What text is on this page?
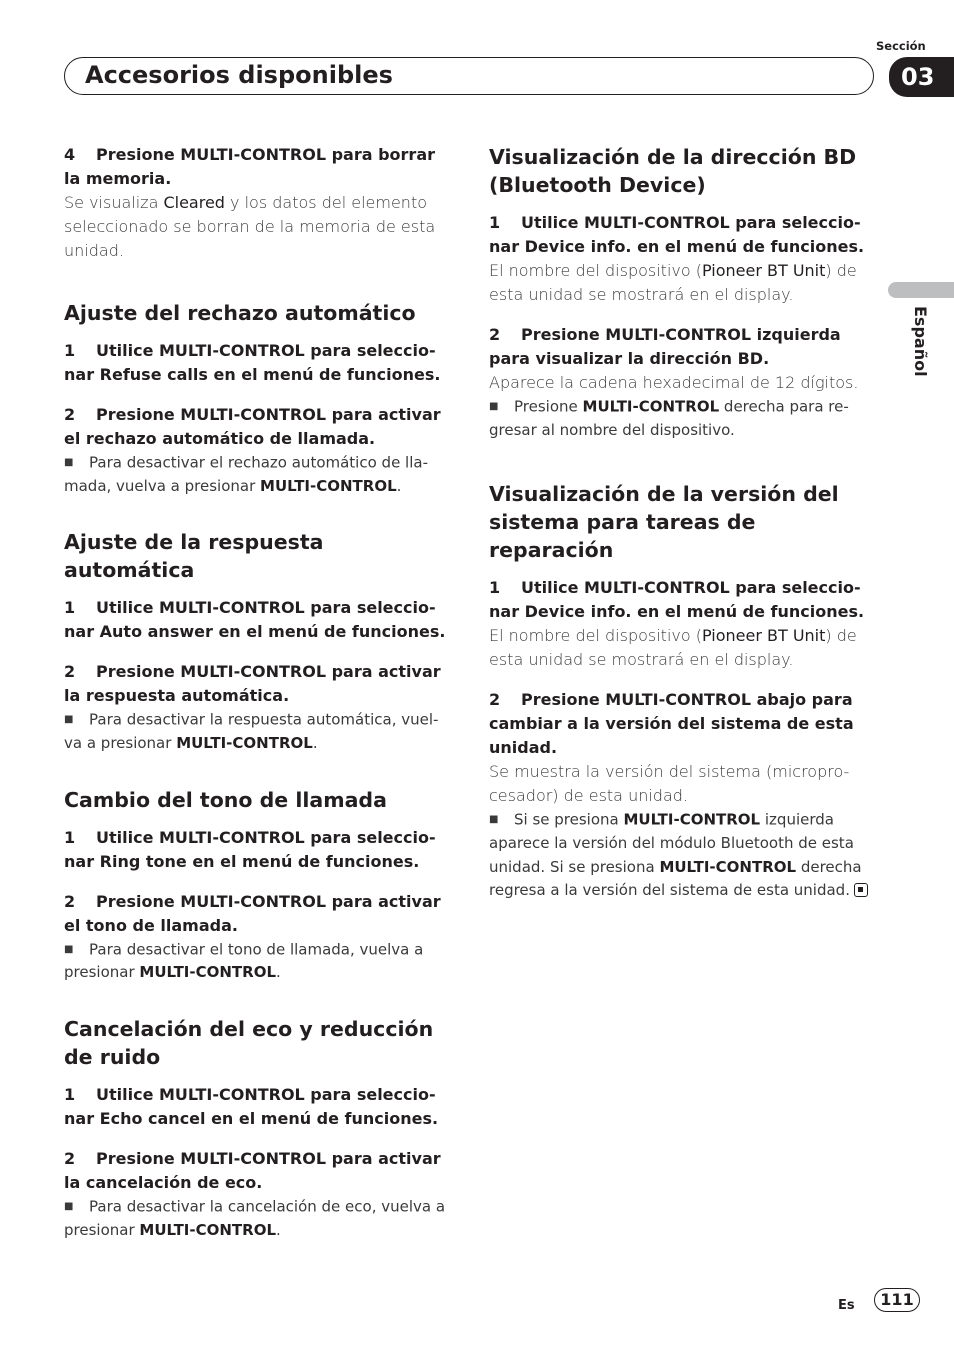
Accesorios disponibles
Sección
03
Español

4 Presione MULTI-CONTROL para borrar la memoria.

Se visualiza Cleared y los datos del elemento seleccionado se borran de la memoria de esta unidad.

Ajuste del rechazo automático

1 Utilice MULTI-CONTROL para seleccio-nar Refuse calls en el menú de funciones.

2 Presione MULTI-CONTROL para activar el rechazo automático de llamada.

■ Para desactivar el rechazo automático de lla-mada, vuelva a presionar MULTI-CONTROL.

Ajuste de la respuesta automática

1 Utilice MULTI-CONTROL para seleccio-nar Auto answer en el menú de funciones.

2 Presione MULTI-CONTROL para activar la respuesta automática.

■ Para desactivar la respuesta automática, vuel-va a presionar MULTI-CONTROL.

Cambio del tono de llamada

1 Utilice MULTI-CONTROL para seleccio-nar Ring tone en el menú de funciones.

2 Presione MULTI-CONTROL para activar el tono de llamada.

■ Para desactivar el tono de llamada, vuelva a presionar MULTI-CONTROL.

Cancelación del eco y reducción de ruido

1 Utilice MULTI-CONTROL para seleccio-nar Echo cancel en el menú de funciones.

2 Presione MULTI-CONTROL para activar la cancelación de eco.

■ Para desactivar la cancelación de eco, vuelva a presionar MULTI-CONTROL.

Visualización de la dirección BD (Bluetooth Device)

1 Utilice MULTI-CONTROL para seleccio-nar Device info. en el menú de funciones.

El nombre del dispositivo (Pioneer BT Unit) de esta unidad se mostrará en el display.

2 Presione MULTI-CONTROL izquierda para visualizar la dirección BD.

Aparece la cadena hexadecimal de 12 dígitos.

■ Presione MULTI-CONTROL derecha para re-gresar al nombre del dispositivo.

Visualización de la versión del sistema para tareas de reparación

1 Utilice MULTI-CONTROL para seleccio-nar Device info. en el menú de funciones.

El nombre del dispositivo (Pioneer BT Unit) de esta unidad se mostrará en el display.

2 Presione MULTI-CONTROL abajo para cambiar a la versión del sistema de esta unidad.

Se muestra la versión del sistema (micropro-cesador) de esta unidad.

■ Si se presiona MULTI-CONTROL izquierda aparece la versión del módulo Bluetooth de esta unidad. Si se presiona MULTI-CONTROL derecha regresa a la versión del sistema de esta unidad.

Es	111
